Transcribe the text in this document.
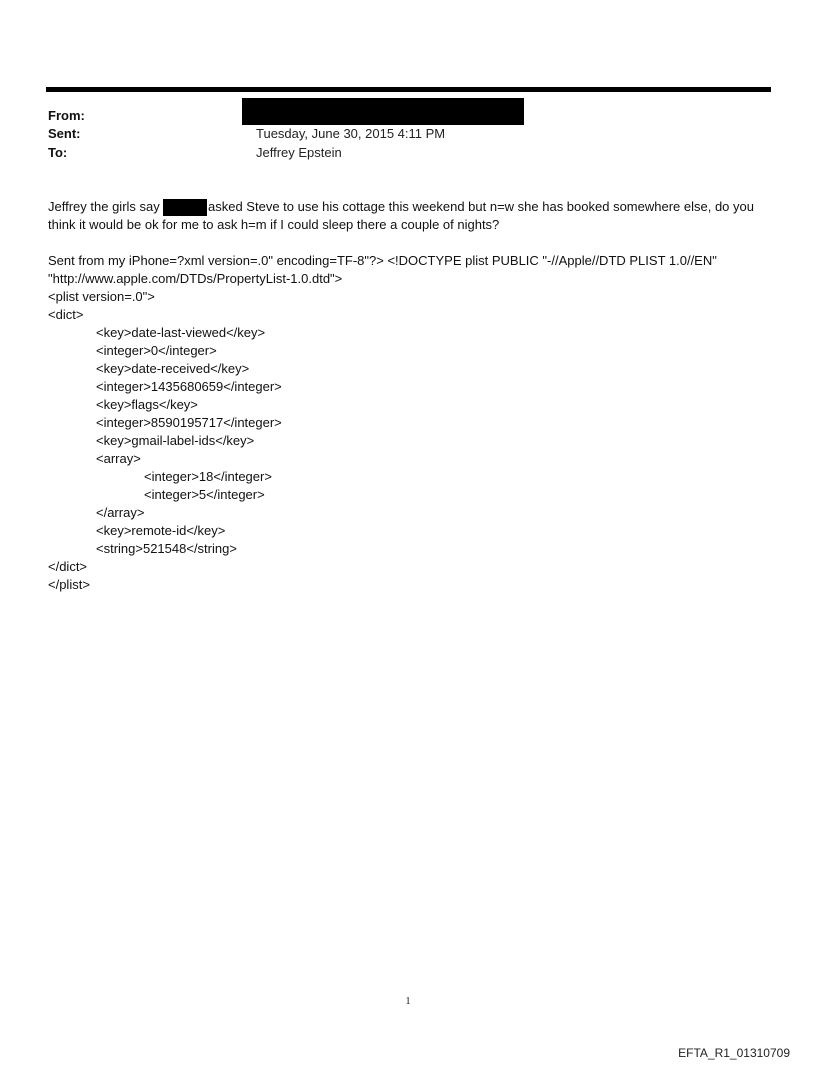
From:
Sent:	Tuesday, June 30, 2015 4:11 PM
To:	Jeffrey Epstein
Jeffrey the girls say	asked Steve to use his cottage this weekend but n=w she has booked somewhere else, do you
think it would be ok for me to ask h=m if I could sleep there a couple of nights?
Sent from my iPhone=?xml version=.0" encoding=TF-8"?> <!DOCTYPE plist PUBLIC "-//Apple//DTD PLIST 1.0//EN"
"http://www.apple.com/DTDs/PropertyList-1.0.dtd">
<plist version=.0">
<dict>
<key>date-last-viewed</key>
<integer>0</integer>
<key>date-received</key>
<integer>1435680659</integer>
<key>flags</key>
<integer>8590195717</integer>
<key>gmail-label-ids</key>
<array>
<integer>18</integer>
<integer>5</integer>
</array>
<key>remote-id</key>
<string>521548</string>
</dict>
</plist>
1
EFTA_R1_01310709
